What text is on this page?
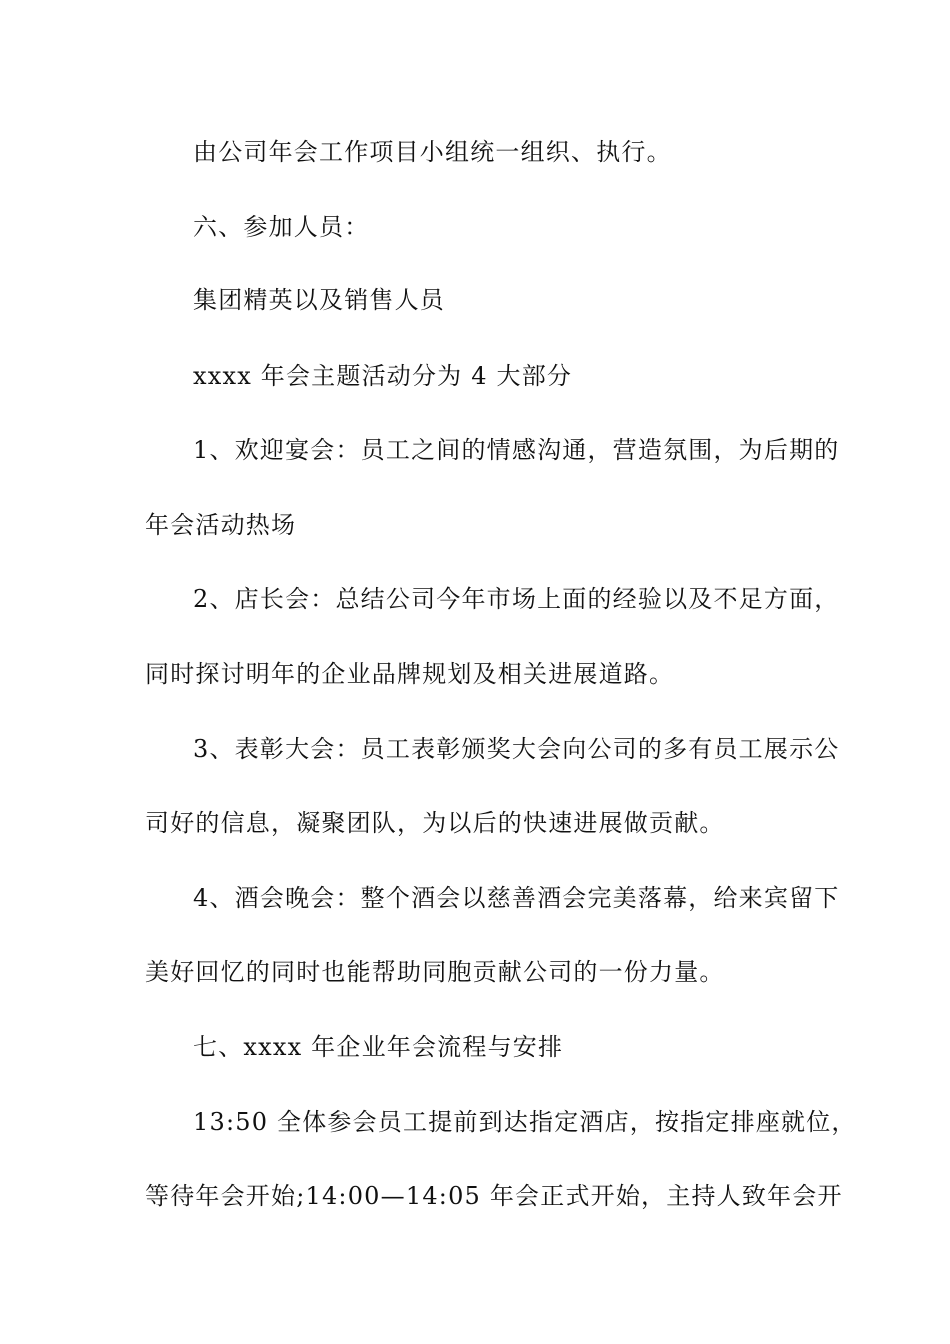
由公司年会工作项目小组统一组织、执行。
六、参加人员：
集团精英以及销售人员
xxxx 年会主题活动分为 4 大部分
1、欢迎宴会：员工之间的情感沟通，营造氛围，为后期的
年会活动热场
2、店长会：总结公司今年市场上面的经验以及不足方面，
同时探讨明年的企业品牌规划及相关进展道路。
3、表彰大会：员工表彰颁奖大会向公司的多有员工展示公
司好的信息，凝聚团队，为以后的快速进展做贡献。
4、酒会晚会：整个酒会以慈善酒会完美落幕，给来宾留下
美好回忆的同时也能帮助同胞贡献公司的一份力量。
七、xxxx 年企业年会流程与安排
13:50 全体参会员工提前到达指定酒店，按指定排座就位，
等待年会开始;14:00—14:05 年会正式开始，主持人致年会开
